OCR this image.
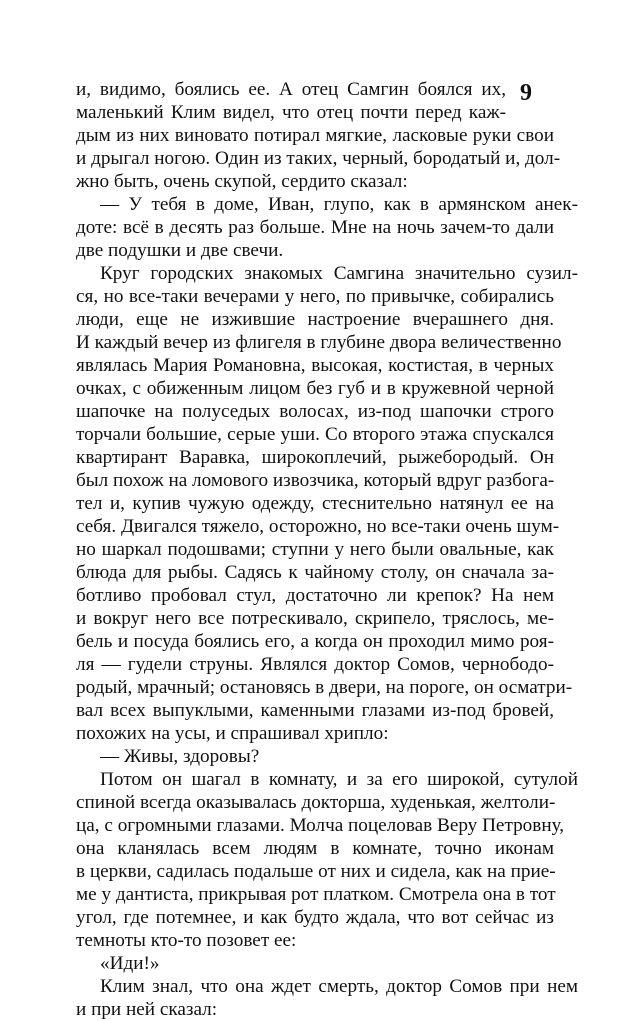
9
и, видимо, боялись ее. А отец Самгин боялся их,
маленький Клим видел, что отец почти перед каж-
дым из них виновато потирал мягкие, ласковые руки свои
и дрыгал ногою. Один из таких, черный, бородатый и, дол-
жно быть, очень скупой, сердито сказал:
— У тебя в доме, Иван, глупо, как в армянском анек-
доте: всё в десять раз больше. Мне на ночь зачем-то дали
две подушки и две свечи.
Круг городских знакомых Самгина значительно сузил-
ся, но все-таки вечерами у него, по привычке, собирались
люди, еще не изжившие настроение вчерашнего дня.
И каждый вечер из флигеля в глубине двора величественно
являлась Мария Романовна, высокая, костистая, в черных
очках, с обиженным лицом без губ и в кружевной черной
шапочке на полуседых волосах, из-под шапочки строго
торчали большие, серые уши. Со второго этажа спускался
квартирант Варавка, широкоплечий, рыжебородый. Он
был похож на ломового извозчика, который вдруг разбога-
тел и, купив чужую одежду, стеснительно натянул ее на
себя. Двигался тяжело, осторожно, но все-таки очень шум-
но шаркал подошвами; ступни у него были овальные, как
блюда для рыбы. Садясь к чайному столу, он сначала за-
ботливо пробовал стул, достаточно ли крепок? На нем
и вокруг него все потрескивало, скрипело, тряслось, ме-
бель и посуда боялись его, а когда он проходил мимо роя-
ля — гудели струны. Являлся доктор Сомов, чернободо-
родый, мрачный; остановясь в двери, на пороге, он осматри-
вал всех выпуклыми, каменными глазами из-под бровей,
похожих на усы, и спрашивал хрипло:
— Живы, здоровы?
Потом он шагал в комнату, и за его широкой, сутулой
спиной всегда оказывалась докторша, худенькая, желтоли-
ца, с огромными глазами. Молча поцеловав Веру Петровну,
она кланялась всем людям в комнате, точно иконам
в церкви, садилась подальше от них и сидела, как на прие-
ме у дантиста, прикрывая рот платком. Смотрела она в тот
угол, где потемнее, и как будто ждала, что вот сейчас из
темноты кто-то позовет ее:
«Иди!»
Клим знал, что она ждет смерть, доктор Сомов при нем
и при ней сказал:
